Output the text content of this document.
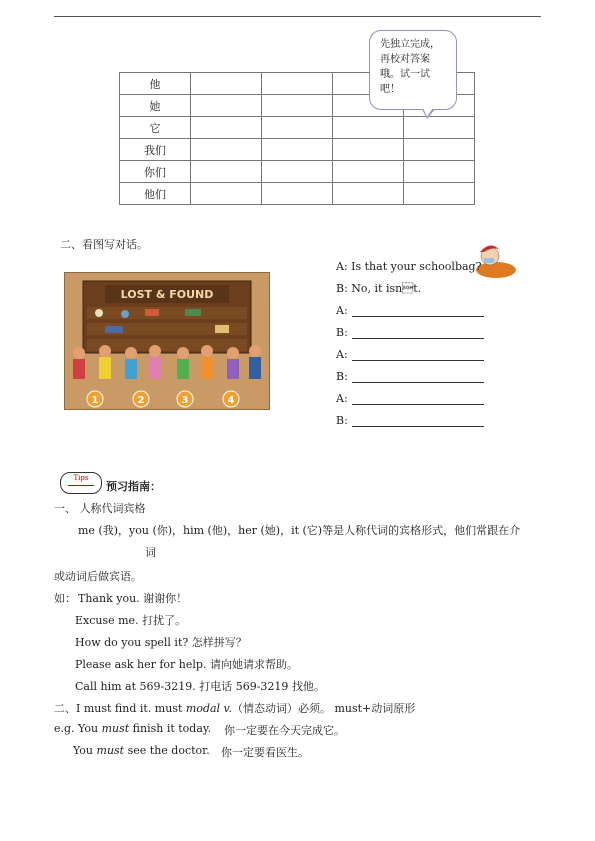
他				
她				
它				
我们				
你们				
他们				
先独立完成，
再校对答案
哦。试一试
吧！
二、看图写对话。
LOST & FOUND
1	2	3	4
A: Is that your schoolbag?
B: No, it isnt.
A:
B:
A:
B:
A:
B:
Tips
预习指南：
一、 人称代词宾格
me (我)，you (你)，him (他)，her (她)，it (它)等是人称代词的宾格形式，他们常跟在介
词
或动词后做宾语。
如： Thank you. 谢谢你！
Excuse me. 打扰了。
How do you spell it? 怎样拼写？
Please ask her for help. 请向她请求帮助。
Call him at 569-3219. 打电话 569-3219 找他。
二、I must find it. must modal v.（情态动词）必须。 must+动词原形
e.g. You must finish it today. 你一定要在今天完成它。
You must see the doctor. 你一定要看医生。
